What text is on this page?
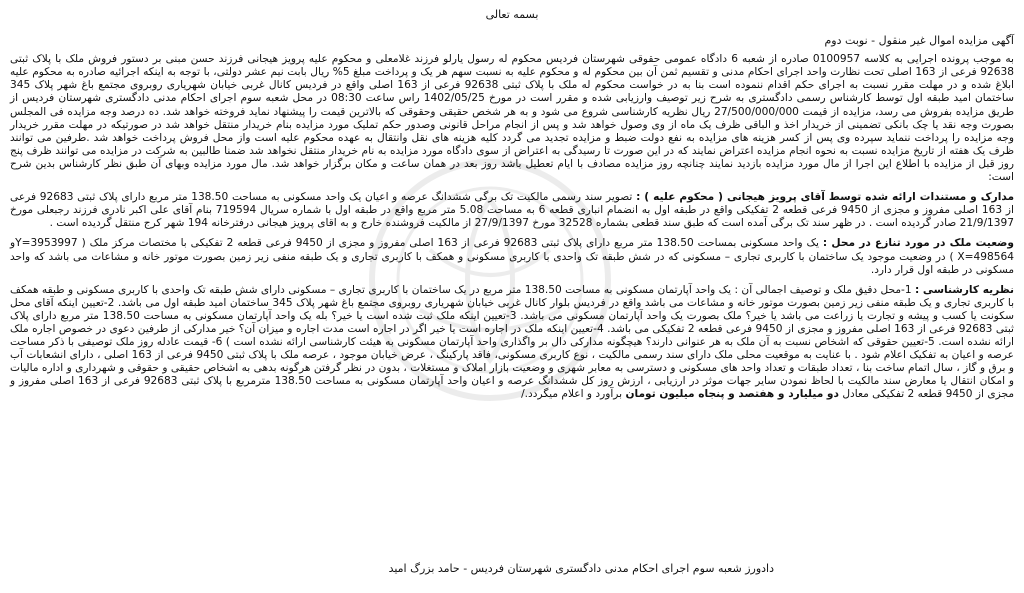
بسمه تعالی

آگهی مزایده اموال غیر منقول - نوبت دوم

به موجب پرونده اجرایی به کلاسه 0100957 صادره از شعبه 6 دادگاه عمومی حقوقی شهرستان فردیس محکوم له رسول یارلو فرزند غلامعلی و محکوم علیه پرویز هیجانی فرزند حسن مبنی بر دستور فروش ملک با پلاک ثبتی 92638 فرعی از 163 اصلی تحت نظارت واحد اجرای احکام مدنی و تقسیم ثمن آن بین محکوم له و محکوم علیه به نسبت سهم هر یک و پرداخت مبلغ 5% ریال بابت نیم عشر دولتی، با توجه به اینکه اجرائیه صادره به محکوم علیه ابلاغ شده و در مهلت مقرر نسبت به اجرای حکم اقدام ننموده است بنا به در خواست محکوم له ملک با پلاک ثبتی 92638 فرعی از 163 اصلی واقع در فردیس کانال غربی خیابان شهریاری روبروی مجتمع باغ شهر پلاک 345 ساختمان امید طبقه اول توسط کارشناس رسمی دادگستری به شرح زیر توصیف وارزیابی شده و مقرر است در مورخ 1402/05/25 راس ساعت 08:30 در محل شعبه سوم اجرای احکام مدنی دادگستری شهرستان فردیس از طریق مزایده بفروش می رسد، مزایده از قیمت 27/500/000/000 ریال نظریه کارشناسی شروع می شود و به هر شخص حقیقی وحقوقی که بالاترین قیمت را پیشنهاد نماید فروخته خواهد شد. ده درصد وجه مزایده فی المجلس بصورت وجه نقد یا چک بانکی تضمینی از خریدار اخذ و الباقی ظرف یک ماه از وی وصول خواهد شد و پس از انجام مراحل قانونی وصدور حکم تملیک مورد مزایده بنام خریدار منتقل خواهد شد در صورتیکه در مهلت مقرر خریدار وجه مزایده را پرداخت ننماید سپرده وی پس از کسر هزینه های مزایده به نفع دولت ضبط و مزایده تجدید می گردد کلیه هزینه های نقل وانتقال به عهده محکوم علیه است واز محل فروش پرداخت خواهد شد .طرفین می توانند ظرف یک هفته از تاریخ مزایده نسبت به نحوه انجام مزایده اعتراض نمایند که در این صورت تا رسیدگی به اعتراض از سوی دادگاه مورد مزایده به نام خریدار منتقل نخواهد شد ضمنا طالبین به شرکت در مزایده می توانند ظرف پنج روز قبل از مزایده با اطلاع این اجرا از مال مورد مزایده بازدید نمایند چنانچه روز مزایده مصادف با ایام تعطیل باشد روز بعد در همان ساعت و مکان برگزار خواهد شد. مال مورد مزایده وبهای آن طبق نظر کارشناس بدین شرح است:

مدارک و مستندات ارائه شده توسط آقای پرویز هیجانی ( محکوم علیه ) : تصویر سند رسمی مالکیت تک برگی ششدانگ عرصه و اعیان یک واحد مسکونی به مساحت 138.50 متر مربع دارای پلاک ثبتی 92683 فرعی از 163 اصلی مفروز و مجزی از 9450 فرعی قطعه 2 تفکیکی واقع در طبقه اول به انضمام انباری قطعه 6 به مساحت 5.08 متر مربع واقع در طبقه اول با شماره سریال 719594 بنام آقای علی اکبر نادری فرزند رجبعلی مورخ 21/9/1397 صادر گردیده است . در ظهر سند تک برگی آمده است که طبق سند قطعی بشماره 32528 مورخ 27/9/1397 از مالکیت فروشنده خارج و به اقای پرویز هیجانی درفترخانه 194 شهر کرج منتقل گردیده است .

وضعیت ملک در مورد تنازع در محل : یک واحد مسکونی بمساحت 138.50 متر مربع دارای پلاک ثبتی 92683 فرعی از 163 اصلی مفروز و مجزی از 9450 فرعی قطعه 2 تفکیکی با مختصات مرکز ملک ( Y=3953997و X=498564 ) در وضعیت موجود یک ساختمان با کاربری تجاری – مسکونی که در شش طبقه تک واحدی با کاربری مسکونی و همکف با کاربری تجاری و یک طبقه منفی زیر زمین بصورت موتور خانه و مشاعات می باشد که واحد مسکونی در طبقه اول قرار دارد.

نظریه کارشناسی : 1-محل دقیق ملک و توصیف اجمالی آن : یک واحد آپارتمان مسکونی به مساحت 138.50 متر مربع در یک ساختمان با کاربری تجاری – مسکونی دارای شش طبقه تک واحدی با کاربری مسکونی و طبقه همکف با کاربری تجاری و یک طبقه منفی زیر زمین بصورت موتور خانه و مشاعات می باشد واقع در فردیس بلوار کانال غربی خیابان شهریاری روبروی مجتمع باغ شهر پلاک 345 ساختمان امید طبقه اول می باشد. 2-تعیین اینکه آقای محل سکونت یا کسب و پیشه و تجارت یا زراعت می باشد یا خیر؟ ملک بصورت یک واحد آپارتمان مسکونی می باشد. 3-تعیین اینکه ملک ثبت شده است یا خیر؟ بله یک واحد آپارتمان مسکونی به مساحت 138.50 متر مربع دارای پلاک ثبتی 92683 فرعی از 163 اصلی مفروز و مجزی از 9450 فرعی قطعه 2 تفکیکی می باشد. 4-تعیین اینکه ملک در اجاره است یا خیر اگر در اجاره است مدت اجاره و میزان آن؟ خیر مدارکی از طرفین دعوی در خصوص اجاره ملک ارائه نشده است. 5-تعیین حقوقی که اشخاص نسبت به آن ملک به هر عنوانی دارند؟ هیچگونه مدارکی دال بر واگذاری واحد آپارتمان مسکونی به هیئت کارشناسی ارائه نشده است ) 6- قیمت عادله روز ملک توصیفی با ذکر مساحت عرصه و اعیان به تفکیک اعلام شود . با عنایت به موقعیت محلی ملک دارای سند رسمی مالکیت ، نوع کاربری مسکونی، فاقد پارکینگ ، عرض خیابان موجود ، عرصه ملک با پلاک ثبتی 9450 فرعی از 163 اصلی ، دارای انشعابات آب و برق و گاز ، سال اتمام ساخت بنا ، تعداد طبقات و تعداد واحد های مسکونی و دسترسی به معابر شهری و وضعیت بازار املاک و مستغلات ، بدون در نظر گرفتن هرگونه بدهی به اشخاص حقیقی و حقوقی و شهرداری و اداره مالیات و امکان انتقال یا معارض سند مالکیت با لحاظ نمودن سایر جهات موثر در ارزیابی ، ارزش روز کل ششدانگ عرصه و اعیان واحد آپارتمان مسکونی به مساحت 138.50 مترمربع با پلاک ثبتی 92683 فرعی از 163 اصلی مفروز و مجزی از 9450 قطعه 2 تفکیکی معادل دو میلیارد و هفتصد و پنجاه میلیون تومان برآورد و اعلام میگردد./

دادورز شعبه سوم اجرای احکام مدنی دادگستری شهرستان فردیس - حامد بزرگ امید
